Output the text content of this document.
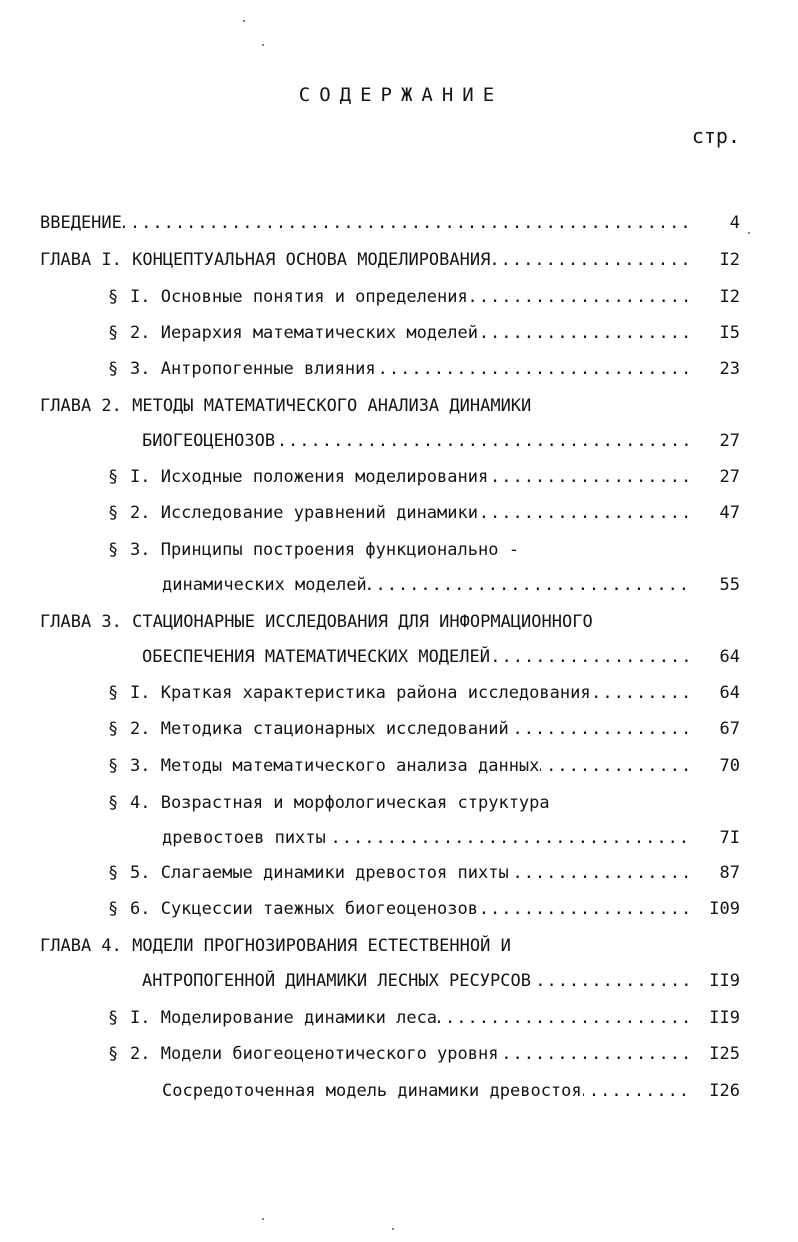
СОДЕРЖАНИЕ
стр.
.....
ВВЕДЕНИЕ	4
.....
ГЛАВА I. КОНЦЕПТУАЛЬНАЯ ОСНОВА МОДЕЛИРОВАНИЯ	I2
.....
§ I. Основные понятия и определения	I2
.....
§ 2. Иерархия математических моделей	I5
.....
§ 3. Антропогенные влияния	23
ГЛАВА 2. МЕТОДЫ МАТЕМАТИЧЕСКОГО АНАЛИЗА ДИНАМИКИ
.....
БИОГЕОЦЕНОЗОВ	27
.....
§ I. Исходные положения моделирования	27
.....
§ 2. Исследование уравнений динамики	47
§ 3. Принципы построения функционально -
.....
динамических моделей	55
ГЛАВА 3. СТАЦИОНАРНЫЕ ИССЛЕДОВАНИЯ ДЛЯ ИНФОРМАЦИОННОГО
.....
ОБЕСПЕЧЕНИЯ МАТЕМАТИЧЕСКИХ МОДЕЛЕЙ	64
.....
§ I. Краткая характеристика района исследования	64
.....
§ 2. Методика стационарных исследований	67
.....
§ 3. Методы математического анализа данных	70
§ 4. Возрастная и морфологическая структура
.....
древостоев пихты	7I
.....
§ 5. Слагаемые динамики древостоя пихты	87
.....
§ 6. Сукцессии таежных биогеоценозов	I09
ГЛАВА 4. МОДЕЛИ ПРОГНОЗИРОВАНИЯ ЕСТЕСТВЕННОЙ И
.....
АНТРОПОГЕННОЙ ДИНАМИКИ ЛЕСНЫХ РЕСУРСОВ	II9
.....
§ I. Моделирование динамики леса	II9
.....
§ 2. Модели биогеоценотического уровня	I25
.....
Сосредоточенная модель динамики древостоя	I26
